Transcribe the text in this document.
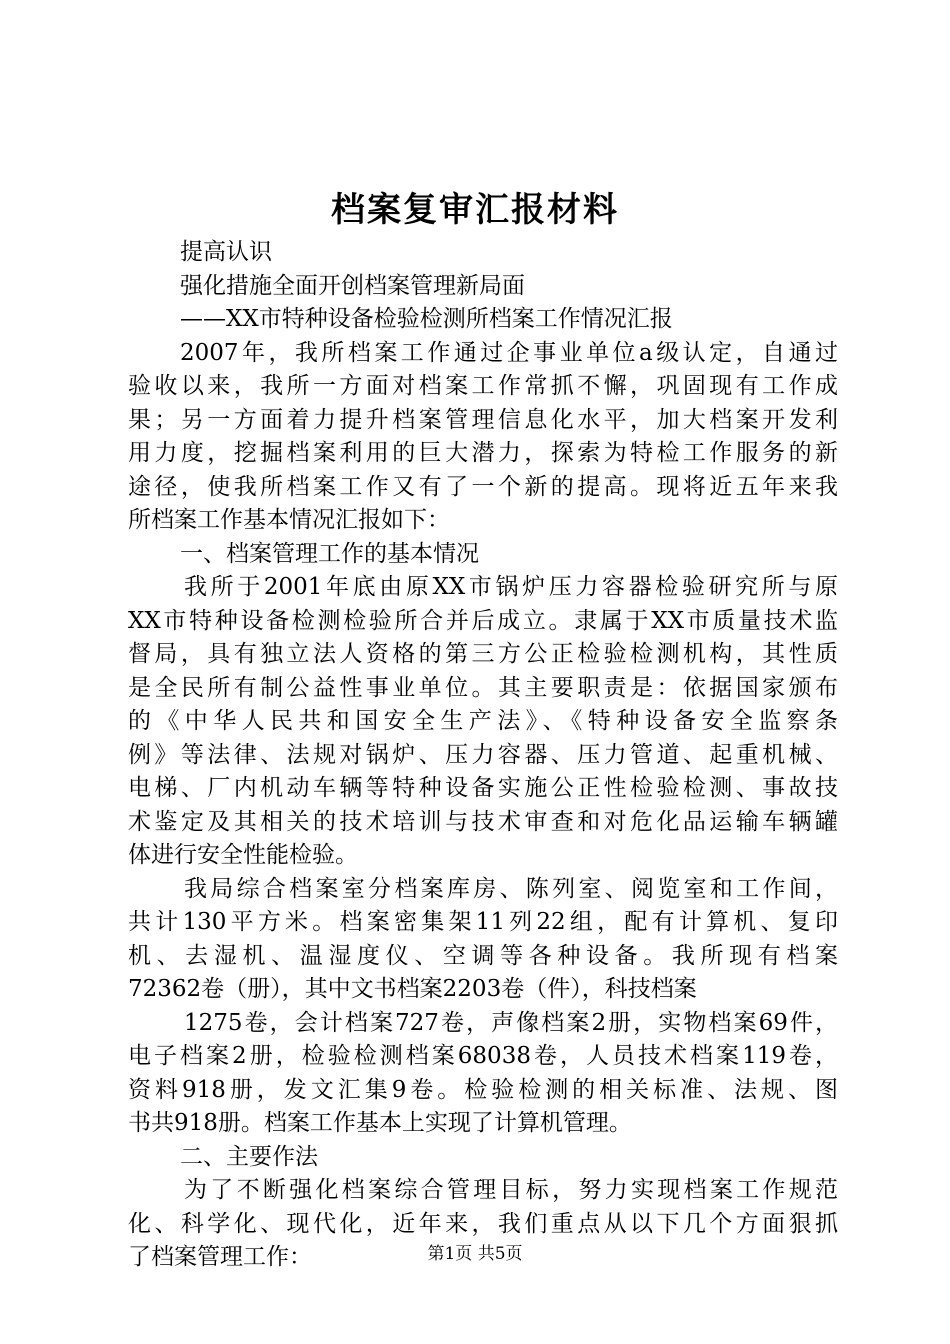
档案复审汇报材料
提高认识
强化措施全面开创档案管理新局面
——XX市特种设备检验检测所档案工作情况汇报
2007年，我所档案工作通过企事业单位a级认定，自通过
验收以来，我所一方面对档案工作常抓不懈，巩固现有工作成
果；另一方面着力提升档案管理信息化水平，加大档案开发利
用力度，挖掘档案利用的巨大潜力，探索为特检工作服务的新
途径，使我所档案工作又有了一个新的提高。现将近五年来我
所档案工作基本情况汇报如下：
一、档案管理工作的基本情况
我所于2001年底由原XX市锅炉压力容器检验研究所与原
XX市特种设备检测检验所合并后成立。隶属于XX市质量技术监
督局，具有独立法人资格的第三方公正检验检测机构，其性质
是全民所有制公益性事业单位。其主要职责是：依据国家颁布
的《中华人民共和国安全生产法》、《特种设备安全监察条
例》等法律、法规对锅炉、压力容器、压力管道、起重机械、
电梯、厂内机动车辆等特种设备实施公正性检验检测、事故技
术鉴定及其相关的技术培训与技术审查和对危化品运输车辆罐
体进行安全性能检验。
我局综合档案室分档案库房、陈列室、阅览室和工作间，
共计130平方米。档案密集架11列22组，配有计算机、复印
机、去湿机、温湿度仪、空调等各种设备。我所现有档案
72362卷（册），其中文书档案2203卷（件），科技档案
1275卷，会计档案727卷，声像档案2册，实物档案69件，
电子档案2册，检验检测档案68038卷，人员技术档案119卷，
资料918册，发文汇集9卷。检验检测的相关标准、法规、图
书共918册。档案工作基本上实现了计算机管理。
二、主要作法
为了不断强化档案综合管理目标，努力实现档案工作规范
化、科学化、现代化，近年来，我们重点从以下几个方面狠抓
了档案管理工作：	第1页 共5页
